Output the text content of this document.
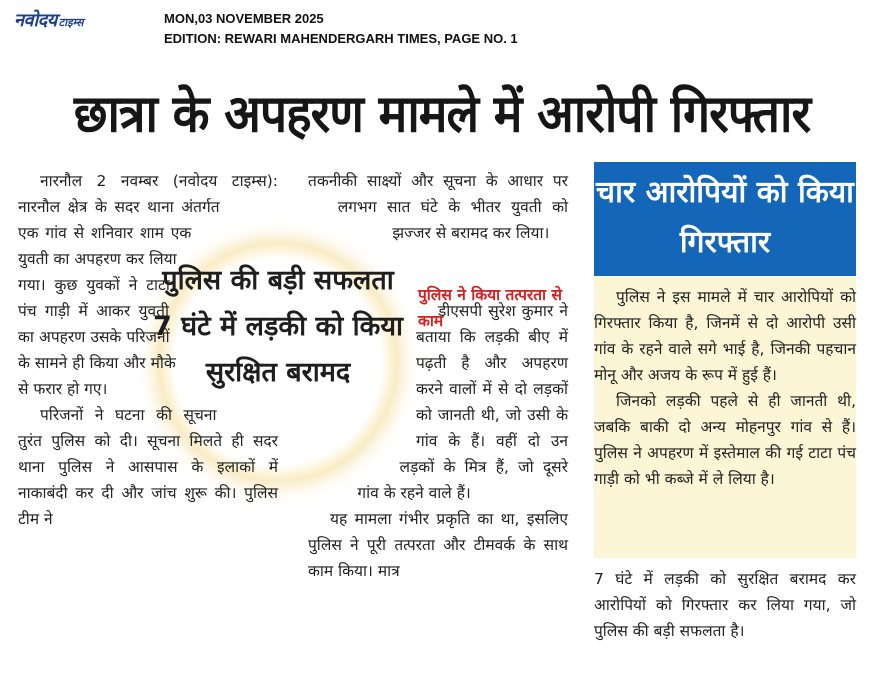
नवोदय टाइम्स	MON,03 NOVEMBER 2025
EDITION: REWARI MAHENDERGARH TIMES, PAGE NO. 1
छात्रा के अपहरण मामले में आरोपी गिरफ्तार

नारनौल 2 नवम्बर (नवोदय टाइम्स): नारनौल क्षेत्र के सदर थाना अंतर्गत एक गांव से शनिवार शाम एक युवती का अपहरण कर लिया गया। कुछ युवकों ने टाटा पंच गाड़ी में आकर युवती का अपहरण उसके परिजनों के सामने ही किया और मौके से फरार हो गए।

परिजनों ने घटना की सूचना तुरंत पुलिस को दी। सूचना मिलते ही सदर थाना पुलिस ने आसपास के इलाकों में नाकाबंदी कर दी और जांच शुरू की। पुलिस टीम ने

तकनीकी साक्ष्यों और सूचना के आधार पर लगभग सात घंटे के भीतर युवती को झज्जर से बरामद कर लिया।

डीएसपी सुरेश कुमार ने बताया कि लड़की बीए में पढ़ती है और अपहरण करने वालों में से दो लड़कों को जानती थी, जो उसी के गांव के हैं। वहीं दो उन लड़कों के मित्र हैं, जो दूसरे गांव के रहने वाले हैं।

यह मामला गंभीर प्रकृति का था, इसलिए पुलिस ने पूरी तत्परता और टीमवर्क के साथ काम किया। मात्र

पुलिस ने किया तत्परता से काम
पुलिस की बड़ी सफलता 7 घंटे में लड़की को किया सुरक्षित बरामद
चार आरोपियों को किया गिरफ्तार

पुलिस ने इस मामले में चार आरोपियों को गिरफ्तार किया है, जिनमें से दो आरोपी उसी गांव के रहने वाले सगे भाई है, जिनकी पहचान मोनू और अजय के रूप में हुई हैं।

जिनको लड़की पहले से ही जानती थी, जबकि बाकी दो अन्य मोहनपुर गांव से हैं। पुलिस ने अपहरण में इस्तेमाल की गई टाटा पंच गाड़ी को भी कब्जे में ले लिया है।

7 घंटे में लड़की को सुरक्षित बरामद कर आरोपियों को गिरफ्तार कर लिया गया, जो पुलिस की बड़ी सफलता है।
